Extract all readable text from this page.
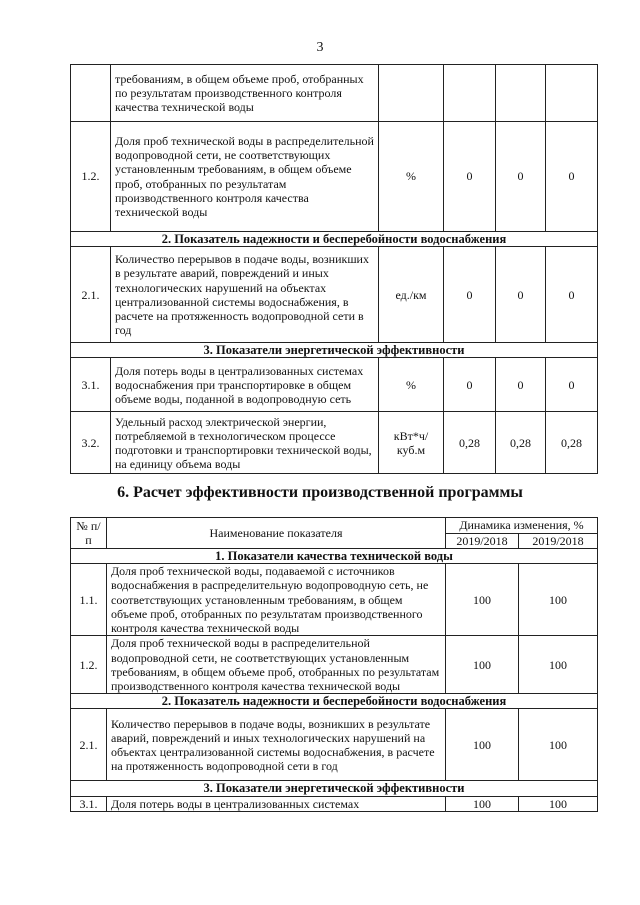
3
	требованиям, в общем объеме проб, отобранных по результатам производственного контроля качества технической воды				
1.2.	Доля проб технической воды в распределительной водопроводной сети, не соответствующих установленным требованиям, в общем объеме проб, отобранных по результатам производственного контроля качества технической воды	%	0	0	0
2. Показатель надежности и бесперебойности водоснабжения					
2.1.	Количество перерывов в подаче воды, возникших в результате аварий, повреждений и иных технологических нарушений на объектах централизованной системы водоснабжения, в расчете на протяженность водопроводной сети в год	ед./км	0	0	0
3. Показатели энергетической эффективности					
3.1.	Доля потерь воды в централизованных системах водоснабжения при транспортировке в общем объеме воды, поданной в водопроводную сеть	%	0	0	0
3.2.	Удельный расход электрической энергии, потребляемой в технологическом процессе подготовки и транспортировки технической воды, на единицу объема воды	кВт*ч/ куб.м	0,28	0,28	0,28
6. Расчет эффективности производственной программы
№ п/п	Наименование показателя	Динамика изменения, %	
		2019/2018	2019/2018
1. Показатели качества технической воды			
1.1.	Доля проб технической воды, подаваемой с источников водоснабжения в распределительную водопроводную сеть, не соответствующих установленным требованиям, в общем объеме проб, отобранных по результатам производственного контроля качества технической воды	100	100
1.2.	Доля проб технической воды в распределительной водопроводной сети, не соответствующих установленным требованиям, в общем объеме проб, отобранных по результатам производственного контроля качества технической воды	100	100
2. Показатель надежности и бесперебойности водоснабжения			
2.1.	Количество перерывов в подаче воды, возникших в результате аварий, повреждений и иных технологических нарушений на объектах централизованной системы водоснабжения, в расчете на протяженность водопроводной сети в год	100	100
3. Показатели энергетической эффективности			
3.1.	Доля потерь воды в централизованных системах	100	100
